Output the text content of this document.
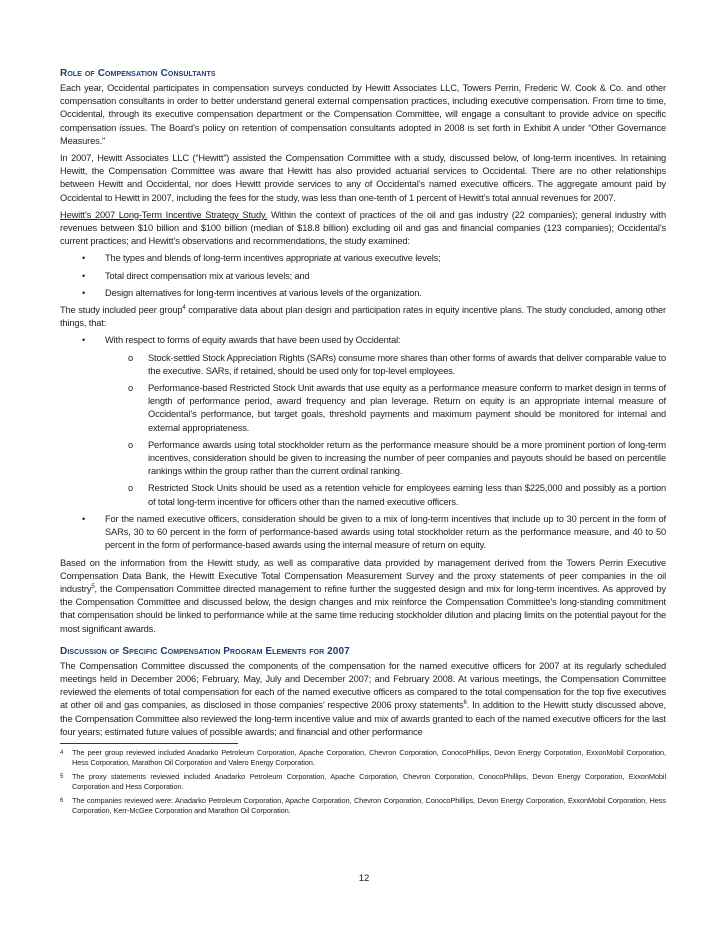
Role of Compensation Consultants

Each year, Occidental participates in compensation surveys conducted by Hewitt Associates LLC, Towers Perrin, Frederic W. Cook & Co. and other compensation consultants in order to better understand general external compensation practices, including executive compensation. From time to time, Occidental, through its executive compensation department or the Compensation Committee, will engage a consultant to provide advice on specific compensation issues. The Board’s policy on retention of compensation consultants adopted in 2008 is set forth in Exhibit A under “Other Governance Measures.”

In 2007, Hewitt Associates LLC (“Hewitt”) assisted the Compensation Committee with a study, discussed below, of long-term incentives. In retaining Hewitt, the Compensation Committee was aware that Hewitt has also provided actuarial services to Occidental. There are no other relationships between Hewitt and Occidental, nor does Hewitt provide services to any of Occidental’s named executive officers. The aggregate amount paid by Occidental to Hewitt in 2007, including the fees for the study, was less than one-tenth of 1 percent of Hewitt’s total annual revenues for 2007.

Hewitt’s 2007 Long-Term Incentive Strategy Study. Within the context of practices of the oil and gas industry (22 companies); general industry with revenues between $10 billion and $100 billion (median of $18.8 billion) excluding oil and gas and financial companies (123 companies); Occidental’s current practices; and Hewitt’s observations and recommendations, the study examined:

• The types and blends of long-term incentives appropriate at various executive levels;
• Total direct compensation mix at various levels; and
• Design alternatives for long-term incentives at various levels of the organization.

The study included peer group$^4$ comparative data about plan design and participation rates in equity incentive plans. The study concluded, among other things, that:

• With respect to forms of equity awards that have been used by Occidental:
o Stock-settled Stock Appreciation Rights (SARs) consume more shares than other forms of awards that deliver comparable value to the executive. SARs, if retained, should be used only for top-level employees.
o Performance-based Restricted Stock Unit awards that use equity as a performance measure conform to market design in terms of length of performance period, award frequency and plan leverage. Return on equity is an appropriate internal measure of Occidental’s performance, but target goals, threshold payments and maximum payment should be monitored for internal and external appropriateness.
o Performance awards using total stockholder return as the performance measure should be a more prominent portion of long-term incentives, consideration should be given to increasing the number of peer companies and payouts should be based on percentile rankings within the group rather than the current ordinal ranking.
o Restricted Stock Units should be used as a retention vehicle for employees earning less than $225,000 and possibly as a portion of total long-term incentive for officers other than the named executive officers.
• For the named executive officers, consideration should be given to a mix of long-term incentives that include up to 30 percent in the form of SARs, 30 to 60 percent in the form of performance-based awards using total stockholder return as the performance measure, and 40 to 50 percent in the form of performance-based awards using the internal measure of return on equity.

Based on the information from the Hewitt study, as well as comparative data provided by management derived from the Towers Perrin Executive Compensation Data Bank, the Hewitt Executive Total Compensation Measurement Survey and the proxy statements of peer companies in the oil industry$^5$, the Compensation Committee directed management to refine further the suggested design and mix for long-term incentives. As approved by the Compensation Committee and discussed below, the design changes and mix reinforce the Compensation Committee’s long-standing commitment that compensation should be linked to performance while at the same time reducing stockholder dilution and placing limits on the potential payout for the most significant awards.

Discussion of Specific Compensation Program Elements for 2007

The Compensation Committee discussed the components of the compensation for the named executive officers for 2007 at its regularly scheduled meetings held in December 2006; February, May, July and December 2007; and February 2008. At various meetings, the Compensation Committee reviewed the elements of total compensation for each of the named executive officers as compared to the total compensation for the top five executives at other oil and gas companies, as disclosed in those companies’ respective 2006 proxy statements$^6$. In addition to the Hewitt study discussed above, the Compensation Committee also reviewed the long-term incentive value and mix of awards granted to each of the named executive officers for the last four years; estimated future values of possible awards; and financial and other performance

4 The peer group reviewed included Anadarko Petroleum Corporation, Apache Corporation, Chevron Corporation, ConocoPhillips, Devon Energy Corporation, ExxonMobil Corporation, Hess Corporation, Marathon Oil Corporation and Valero Energy Corporation.
5 The proxy statements reviewed included Anadarko Petroleum Corporation, Apache Corporation, Chevron Corporation, ConocoPhillips, Devon Energy Corporation, ExxonMobil Corporation and Hess Corporation.
6 The companies reviewed were: Anadarko Petroleum Corporation, Apache Corporation, Chevron Corporation, ConocoPhillips, Devon Energy Corporation, ExxonMobil Corporation, Hess Corporation, Kerr-McGee Corporation and Marathon Oil Corporation.
12
